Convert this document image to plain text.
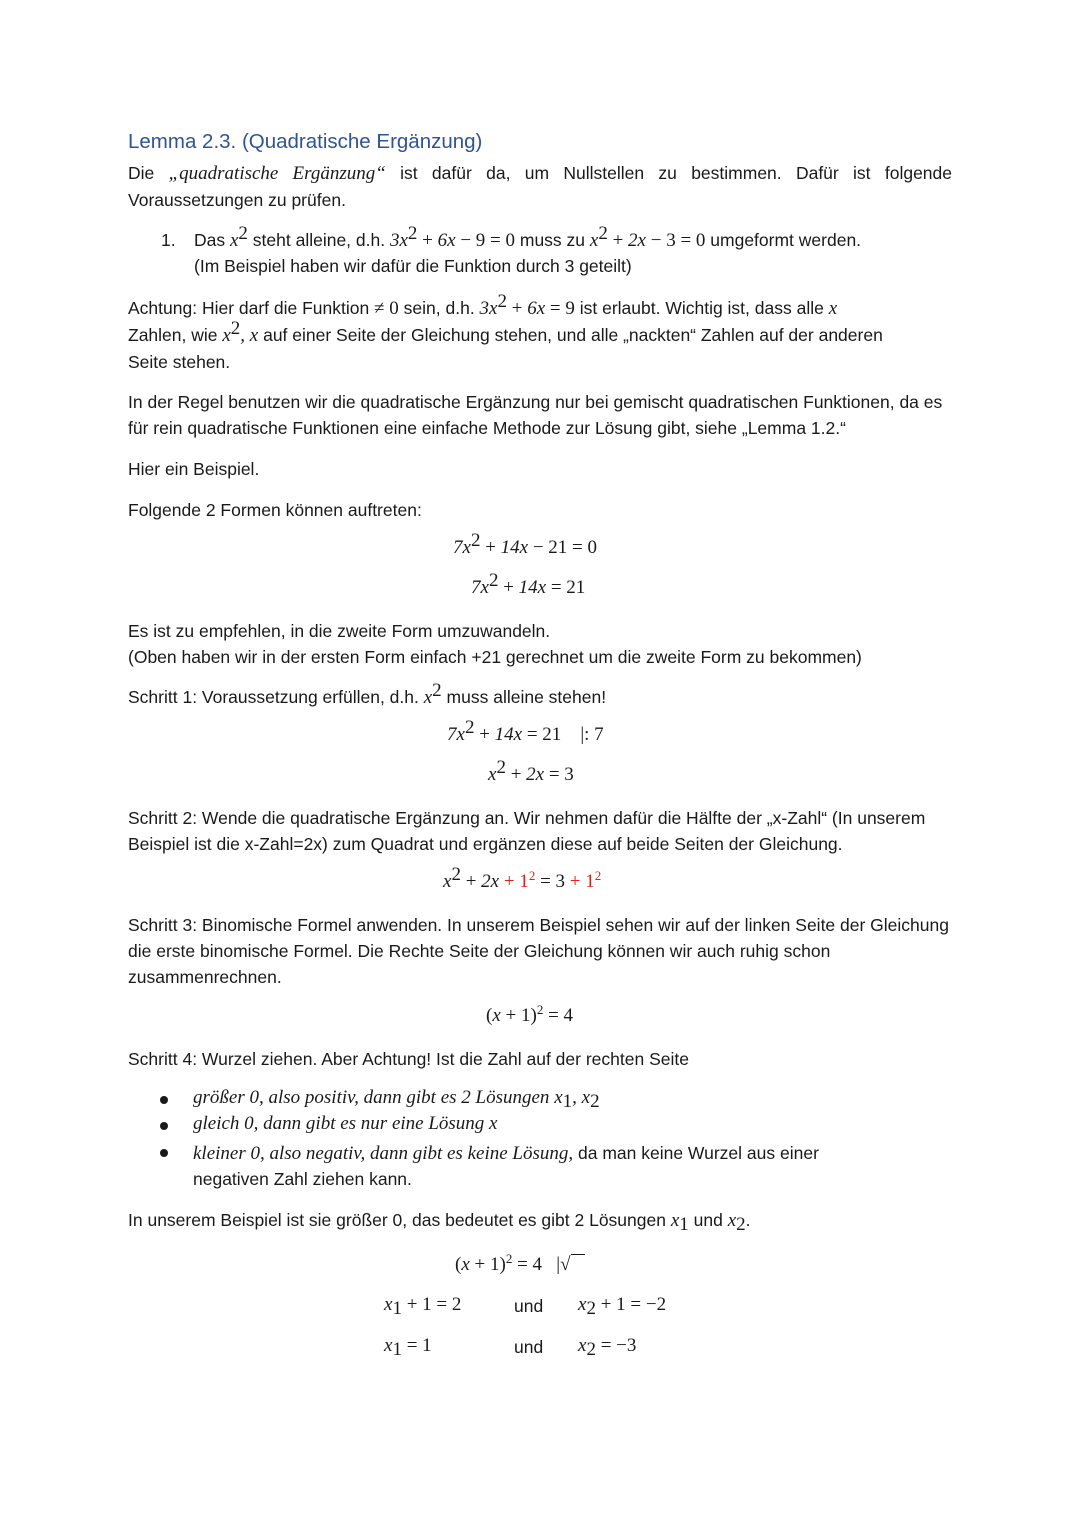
Lemma 2.3. (Quadratische Ergänzung)
Die „quadratische Ergänzung“ ist dafür da, um Nullstellen zu bestimmen. Dafür ist folgende Voraussetzungen zu prüfen.
1. Das $x^2$ steht alleine, d.h. $3x^2 + 6x - 9 = 0$ muss zu $x^2 + 2x - 3 = 0$ umgeformt werden.
(Im Beispiel haben wir dafür die Funktion durch 3 geteilt)
Achtung: Hier darf die Funktion ≠ 0 sein, d.h. $3x^2 + 6x = 9$ ist erlaubt. Wichtig ist, dass alle x
Zahlen, wie $x^2$, x auf einer Seite der Gleichung stehen, und alle „nackten“ Zahlen auf der anderen
Seite stehen.
In der Regel benutzen wir die quadratische Ergänzung nur bei gemischt quadratischen Funktionen, da es für rein quadratische Funktionen eine einfache Methode zur Lösung gibt, siehe „Lemma 1.2.“
Hier ein Beispiel.
Folgende 2 Formen können auftreten:
$7x^2 + 14x - 21 = 0$
$7x^2 + 14x = 21$
Es ist zu empfehlen, in die zweite Form umzuwandeln.
(Oben haben wir in der ersten Form einfach +21 gerechnet um die zweite Form zu bekommen)
Schritt 1: Voraussetzung erfüllen, d.h. $x^2$ muss alleine stehen!
$7x^2 + 14x = 21$ |: 7
$x^2 + 2x = 3$
Schritt 2: Wende die quadratische Ergänzung an. Wir nehmen dafür die Hälfte der „x-Zahl“ (In unserem Beispiel ist die x-Zahl=2x) zum Quadrat und ergänzen diese auf beide Seiten der Gleichung.
$x^2 + 2x + 1^2 = 3 + 1^2$
Schritt 3: Binomische Formel anwenden. In unserem Beispiel sehen wir auf der linken Seite der Gleichung die erste binomische Formel. Die Rechte Seite der Gleichung können wir auch ruhig schon zusammenrechnen.
$(x + 1)^2 = 4$
Schritt 4: Wurzel ziehen. Aber Achtung! Ist die Zahl auf der rechten Seite
größer 0, also positiv, dann gibt es 2 Lösungen $x_1$, $x_2$
gleich 0, dann gibt es nur eine Lösung x
kleiner 0, also negativ, dann gibt es keine Lösung, da man keine Wurzel aus einer
negativen Zahl ziehen kann.
In unserem Beispiel ist sie größer 0, das bedeutet es gibt 2 Lösungen $x_1$ und $x_2$.
$(x + 1)^2 = 4$ |√
$x_1 + 1 = 2$	und $x_2 + 1 = -2$
$x_1 = 1$	und $x_2 = -3$
